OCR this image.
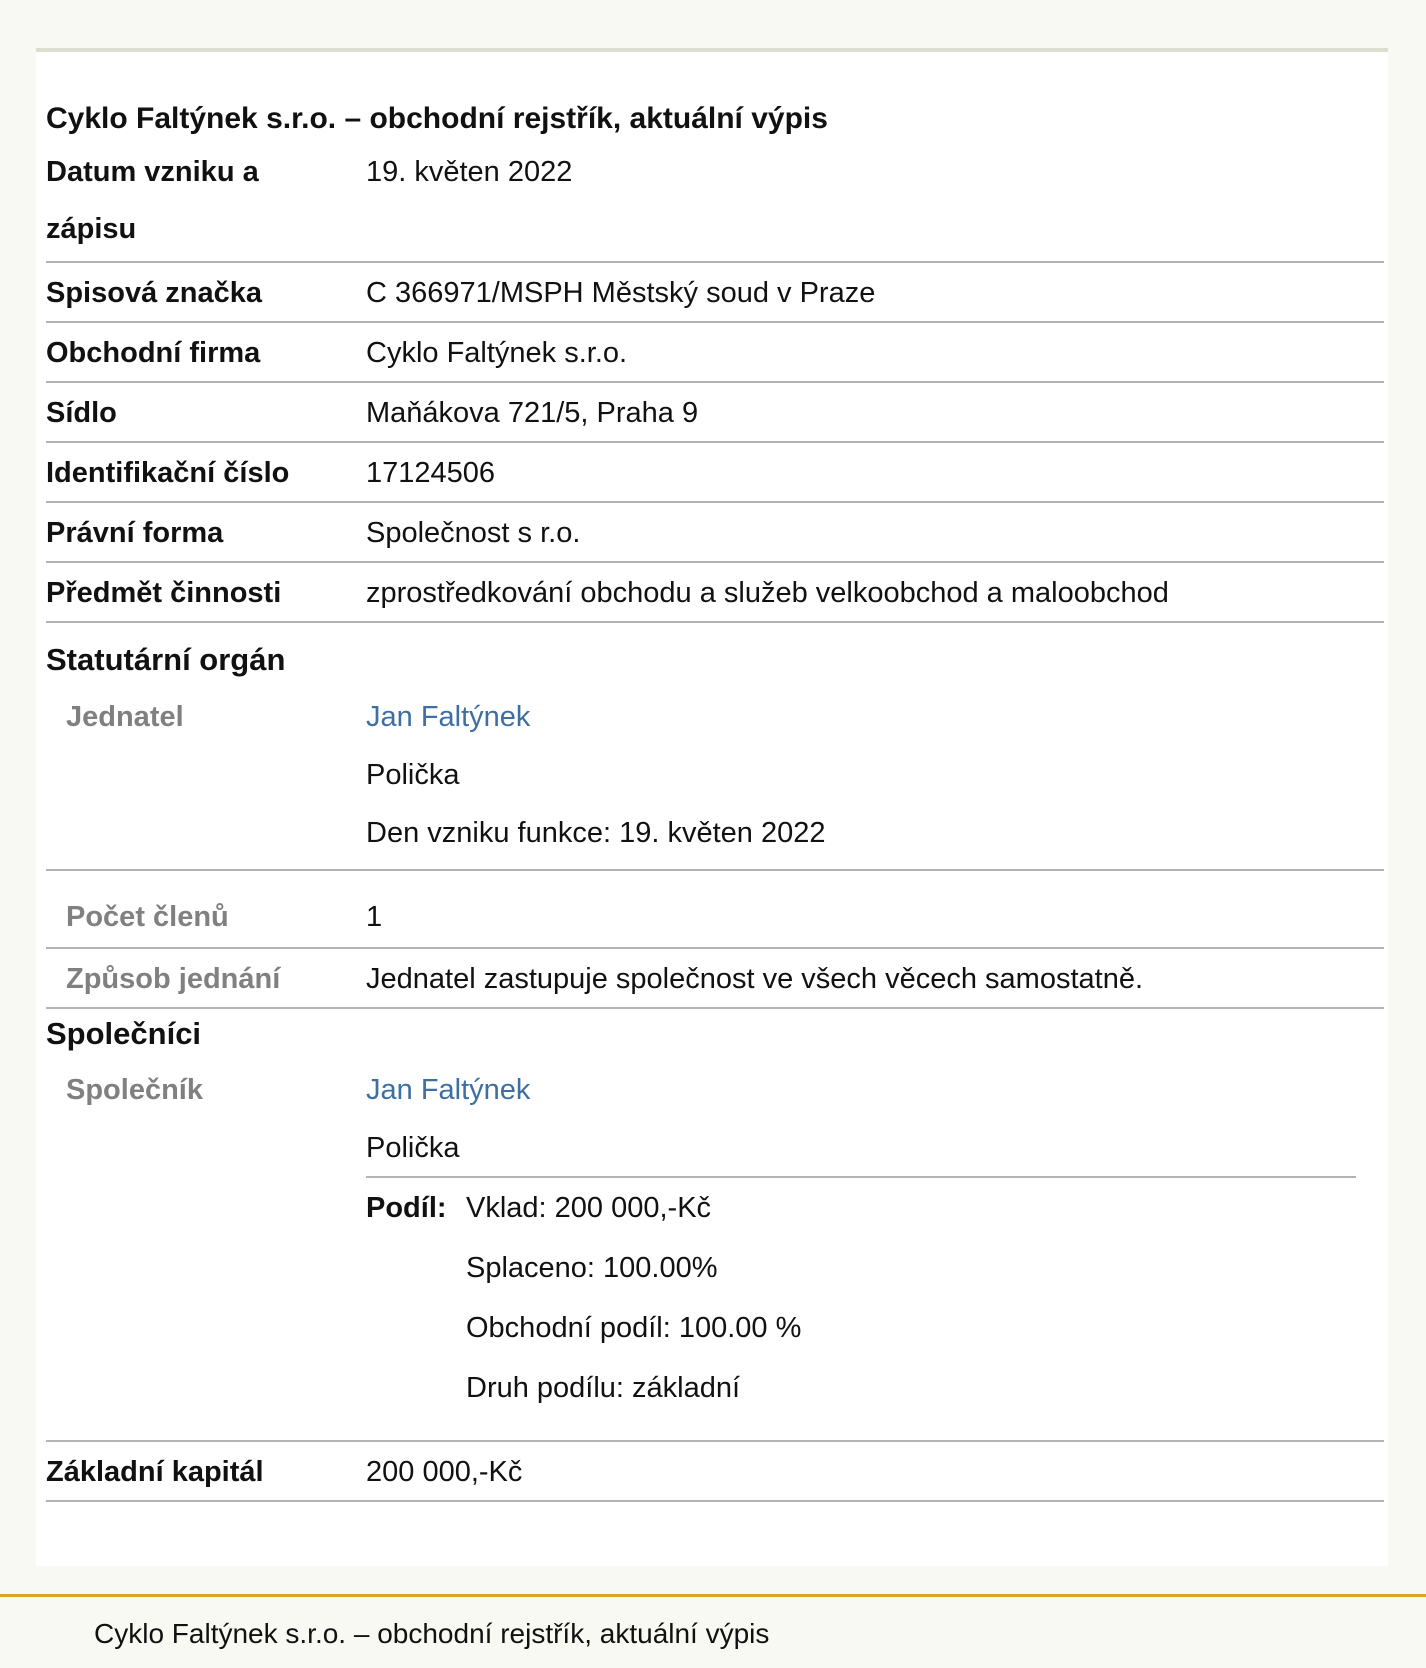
Cyklo Faltýnek s.r.o. – obchodní rejstřík, aktuální výpis
Datum vzniku a zápisu
19. květen 2022
Spisová značka	C 366971/MSPH Městský soud v Praze
Obchodní firma	Cyklo Faltýnek s.r.o.
Sídlo	Maňákova 721/5, Praha 9
Identifikační číslo	17124506
Právní forma	Společnost s r.o.
Předmět činnosti	zprostředkování obchodu a služeb velkoobchod a maloobchod
Statutární orgán
Jednatel	Jan Faltýnek
Polička
Den vzniku funkce: 19. květen 2022
Počet členů	1
Způsob jednání	Jednatel zastupuje společnost ve všech věcech samostatně.
Společníci
Společník	Jan Faltýnek
Polička
Podíl: Vklad: 200 000,-Kč
Splaceno: 100.00%
Obchodní podíl: 100.00 %
Druh podílu: základní
Základní kapitál	200 000,-Kč
Cyklo Faltýnek s.r.o. – obchodní rejstřík, aktuální výpis
